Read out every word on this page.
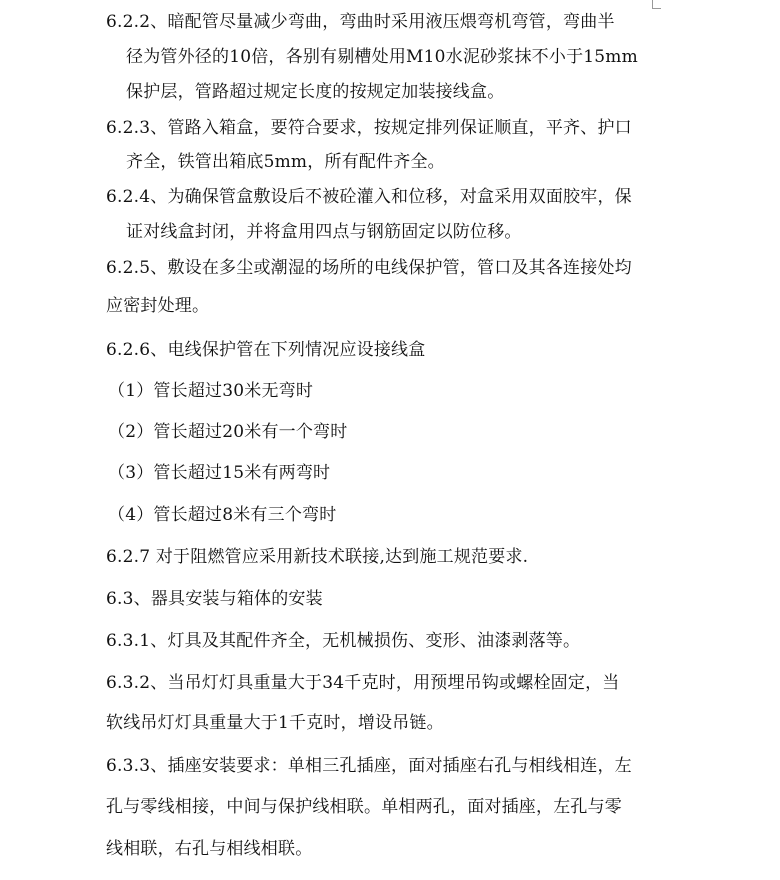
6.2.2、暗配管尽量减少弯曲，弯曲时采用液压煨弯机弯管，弯曲半
径为管外径的10倍，各别有剔槽处用M10水泥砂浆抹不小于15mm
保护层，管路超过规定长度的按规定加装接线盒。
6.2.3、管路入箱盒，要符合要求，按规定排列保证顺直，平齐、护口
齐全，铁管出箱底5mm，所有配件齐全。
6.2.4、为确保管盒敷设后不被砼灌入和位移，对盒采用双面胶牢，保
证对线盒封闭，并将盒用四点与钢筋固定以防位移。
6.2.5、敷设在多尘或潮湿的场所的电线保护管，管口及其各连接处均
应密封处理。
6.2.6、电线保护管在下列情况应设接线盒
（1）管长超过30米无弯时
（2）管长超过20米有一个弯时
（3）管长超过15米有两弯时
（4）管长超过8米有三个弯时
6.2.7 对于阻燃管应采用新技术联接,达到施工规范要求.
6.3、器具安装与箱体的安装
6.3.1、灯具及其配件齐全，无机械损伤、变形、油漆剥落等。
6.3.2、当吊灯灯具重量大于34千克时，用预埋吊钩或螺栓固定，当
软线吊灯灯具重量大于1千克时，增设吊链。
6.3.3、插座安装要求：单相三孔插座，面对插座右孔与相线相连，左
孔与零线相接，中间与保护线相联。单相两孔，面对插座，左孔与零
线相联，右孔与相线相联。
